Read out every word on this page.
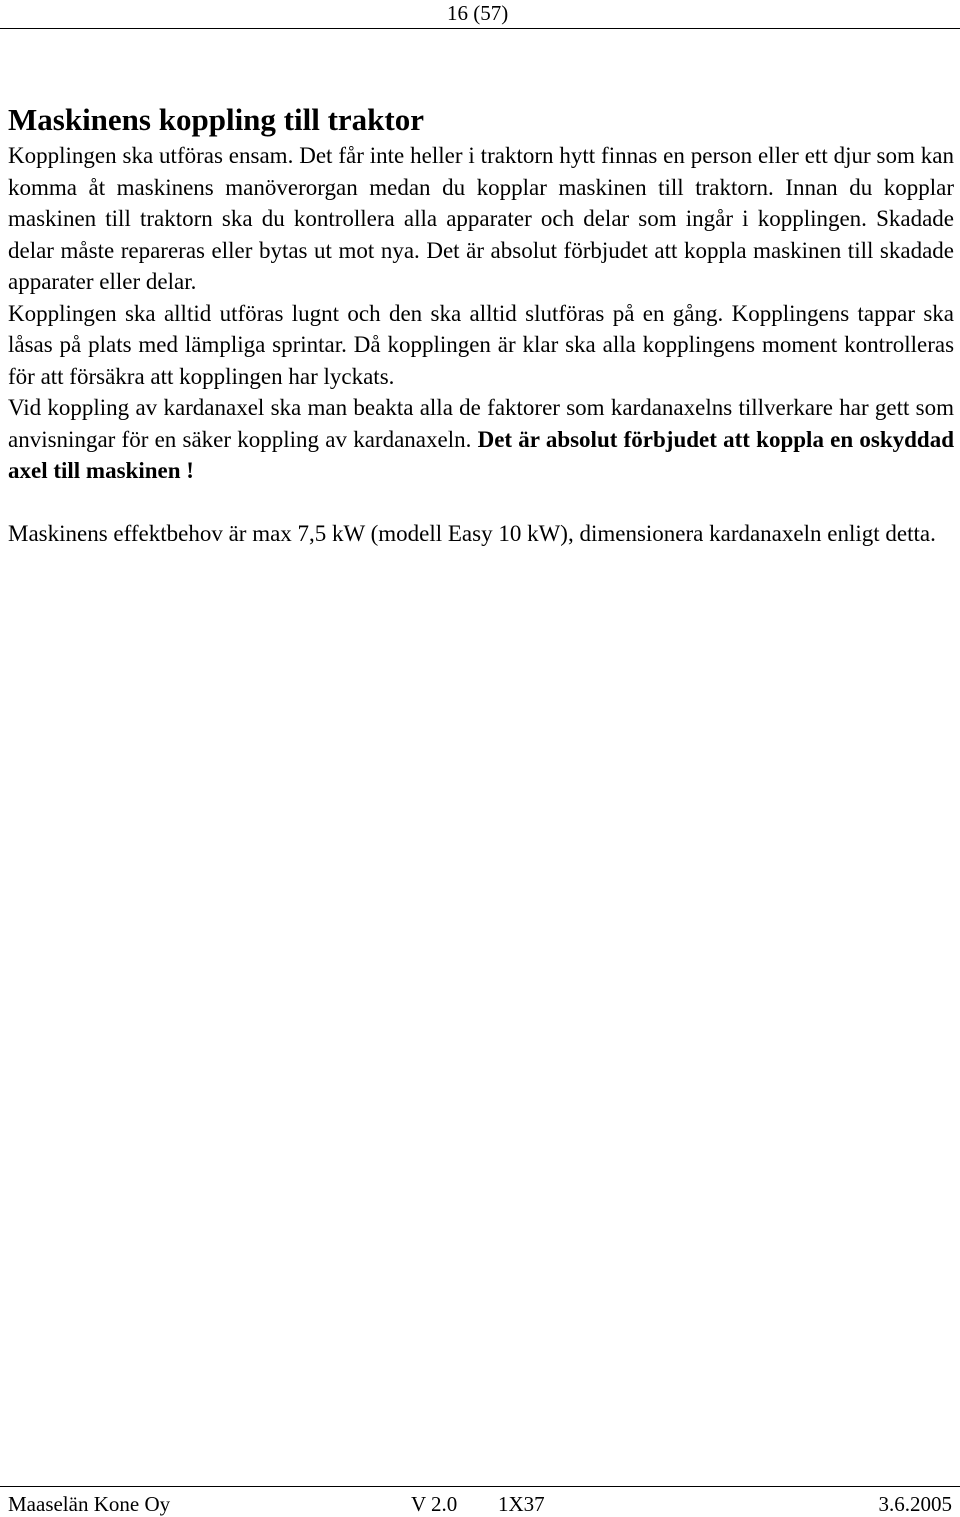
16 (57)
Maskinens koppling till traktor

Kopplingen ska utföras ensam. Det får inte heller i traktorn hytt finnas en person eller ett djur som kan komma åt maskinens manöverorgan medan du kopplar maskinen till traktorn. Innan du kopplar maskinen till traktorn ska du kontrollera alla apparater och delar som ingår i kopplingen. Skadade delar måste repareras eller bytas ut mot nya. Det är absolut förbjudet att koppla maskinen till skadade apparater eller delar.

Kopplingen ska alltid utföras lugnt och den ska alltid slutföras på en gång. Kopplingens tappar ska låsas på plats med lämpliga sprintar. Då kopplingen är klar ska alla kopplingens moment kontrolleras för att försäkra att kopplingen har lyckats.

Vid koppling av kardanaxel ska man beakta alla de faktorer som kardanaxelns tillverkare har gett som anvisningar för en säker koppling av kardanaxeln. Det är absolut förbjudet att koppla en oskyddad axel till maskinen !

Maskinens effektbehov är max 7,5 kW (modell Easy 10 kW), dimensionera kardanaxeln enligt detta.

Maaselän Kone Oy	V 2.0 1X37	3.6.2005
